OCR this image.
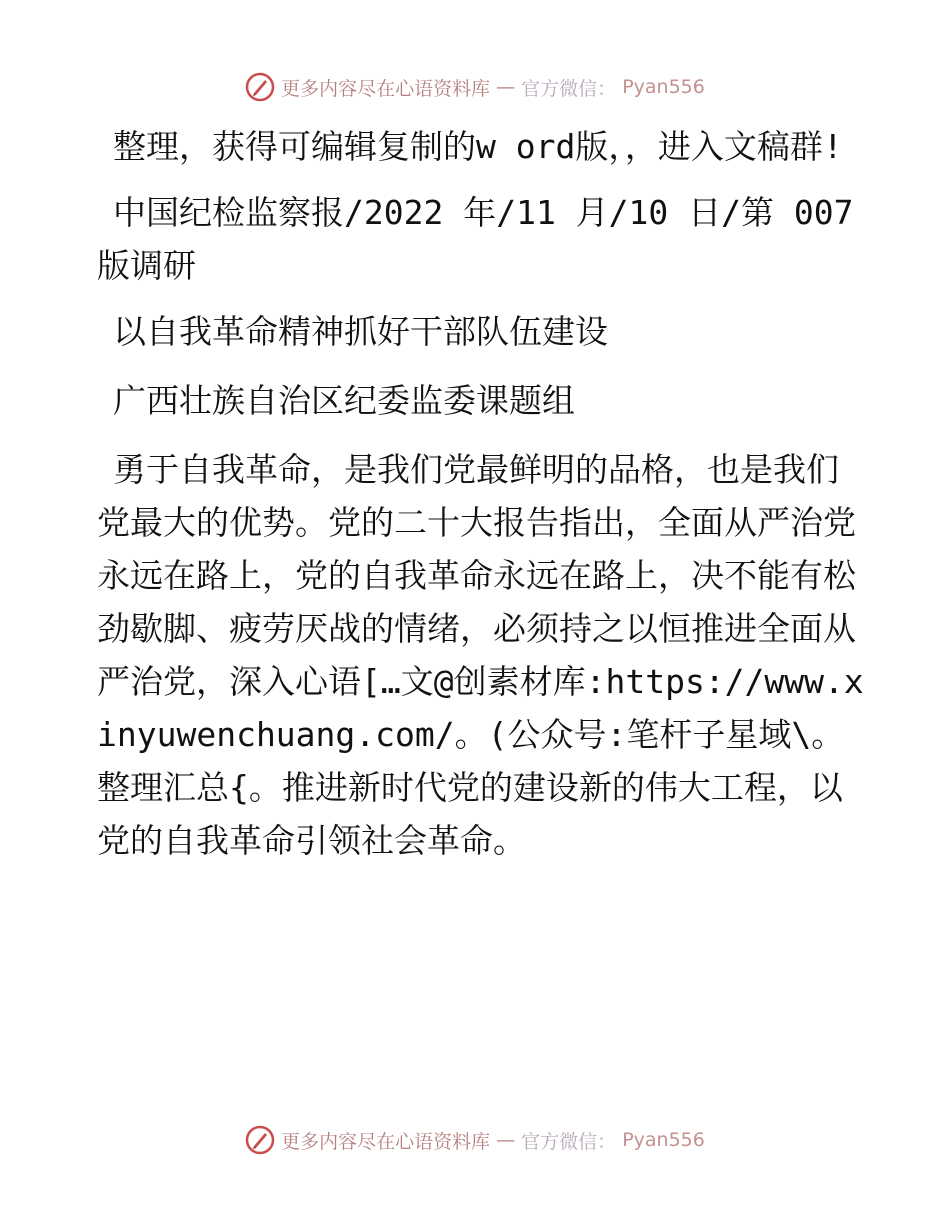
更多内容尽在心语资料库 — 官方微信： Pyan556

整理，获得可编辑复制的w ord版，，进入文稿群!

中国纪检监察报/2022 年/11 月/10 日/第 007版调研

以自我革命精神抓好干部队伍建设

广西壮族自治区纪委监委课题组

勇于自我革命，是我们党最鲜明的品格，也是我们党最大的优势。党的二十大报告指出，全面从严治党永远在路上，党的自我革命永远在路上，决不能有松劲歇脚、疲劳厌战的情绪，必须持之以恒推进全面从严治党，深入心语[…文@创素材库:https://www.xinyuwenchuang.com/。(公众号:笔杆子星域\。整理汇总{。推进新时代党的建设新的伟大工程，以党的自我革命引领社会革命。

更多内容尽在心语资料库 — 官方微信： Pyan556
